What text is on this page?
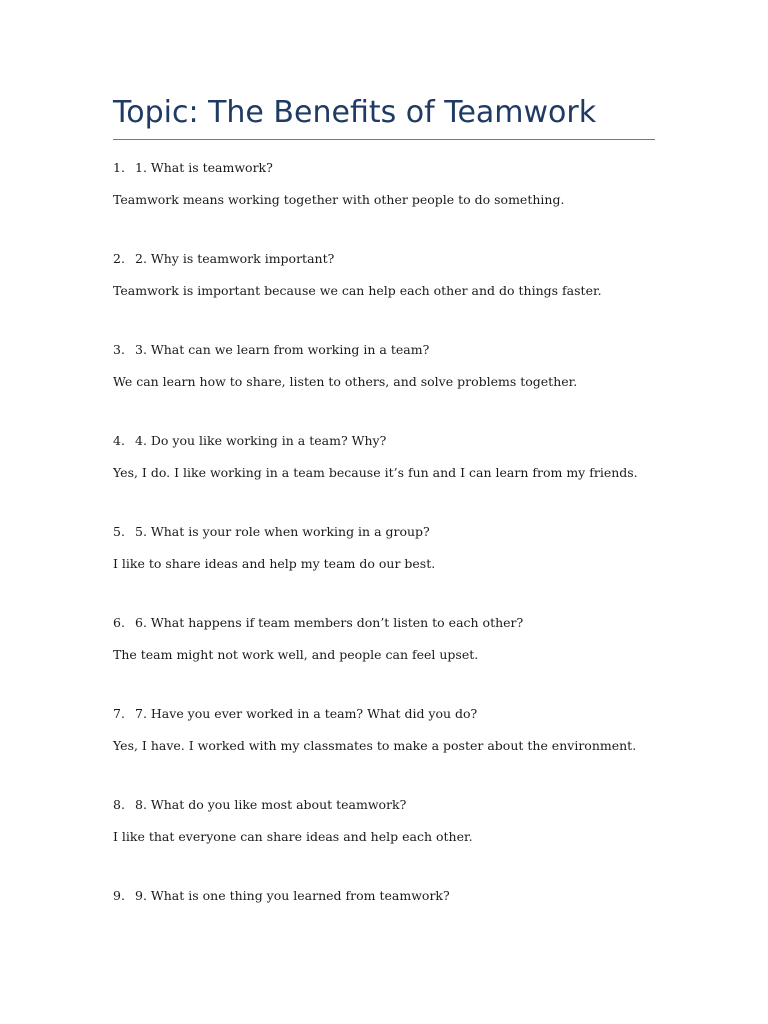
Topic: The Benefits of Teamwork
1. 1. What is teamwork?
Teamwork means working together with other people to do something.
2. 2. Why is teamwork important?
Teamwork is important because we can help each other and do things faster.
3. 3. What can we learn from working in a team?
We can learn how to share, listen to others, and solve problems together.
4. 4. Do you like working in a team? Why?
Yes, I do. I like working in a team because it’s fun and I can learn from my friends.
5. 5. What is your role when working in a group?
I like to share ideas and help my team do our best.
6. 6. What happens if team members don’t listen to each other?
The team might not work well, and people can feel upset.
7. 7. Have you ever worked in a team? What did you do?
Yes, I have. I worked with my classmates to make a poster about the environment.
8. 8. What do you like most about teamwork?
I like that everyone can share ideas and help each other.
9. 9. What is one thing you learned from teamwork?
